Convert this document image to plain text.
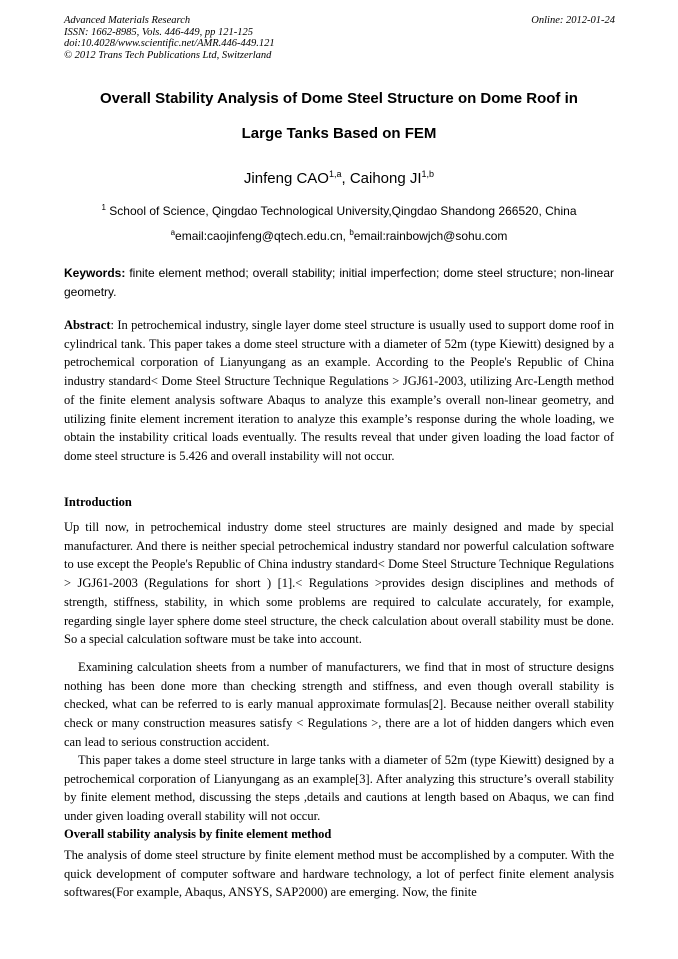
Advanced Materials Research
ISSN: 1662-8985, Vols. 446-449, pp 121-125
doi:10.4028/www.scientific.net/AMR.446-449.121
© 2012 Trans Tech Publications Ltd, Switzerland
Online: 2012-01-24
Overall Stability Analysis of Dome Steel Structure on Dome Roof in
Large Tanks Based on FEM
Jinfeng CAO$^{1,a}$, Caihong JI$^{1,b}$
$^1$ School of Science, Qingdao Technological University,Qingdao Shandong 266520, China
$^a$email:caojinfeng@qtech.edu.cn, $^b$email:rainbowjch@sohu.com
Keywords: finite element method; overall stability; initial imperfection; dome steel structure; non-linear geometry.

Abstract: In petrochemical industry, single layer dome steel structure is usually used to support dome roof in cylindrical tank. This paper takes a dome steel structure with a diameter of 52m (type Kiewitt) designed by a petrochemical corporation of Lianyungang as an example. According to the People's Republic of China industry standard< Dome Steel Structure Technique Regulations > JGJ61-2003, utilizing Arc-Length method of the finite element analysis software Abaqus to analyze this example’s overall non-linear geometry, and utilizing finite element increment iteration to analyze this example’s response during the whole loading, we obtain the instability critical loads eventually. The results reveal that under given loading the load factor of dome steel structure is 5.426 and overall instability will not occur.

Introduction

Up till now, in petrochemical industry dome steel structures are mainly designed and made by special manufacturer. And there is neither special petrochemical industry standard nor powerful calculation software to use except the People's Republic of China industry standard< Dome Steel Structure Technique Regulations > JGJ61-2003 (Regulations for short ) [1].< Regulations >provides design disciplines and methods of strength, stiffness, stability, in which some problems are required to calculate accurately, for example, regarding single layer sphere dome steel structure, the check calculation about overall stability must be done. So a special calculation software must be take into account.

Examining calculation sheets from a number of manufacturers, we find that in most of structure designs nothing has been done more than checking strength and stiffness, and even though overall stability is checked, what can be referred to is early manual approximate formulas[2]. Because neither overall stability check or many construction measures satisfy < Regulations >, there are a lot of hidden dangers which even can lead to serious construction accident.

This paper takes a dome steel structure in large tanks with a diameter of 52m (type Kiewitt) designed by a petrochemical corporation of Lianyungang as an example[3]. After analyzing this structure’s overall stability by finite element method, discussing the steps ,details and cautions at length based on Abaqus, we can find under given loading overall stability will not occur.

Overall stability analysis by finite element method

The analysis of dome steel structure by finite element method must be accomplished by a computer. With the quick development of computer software and hardware technology, a lot of perfect finite element analysis softwares(For example, Abaqus, ANSYS, SAP2000) are emerging. Now, the finite
